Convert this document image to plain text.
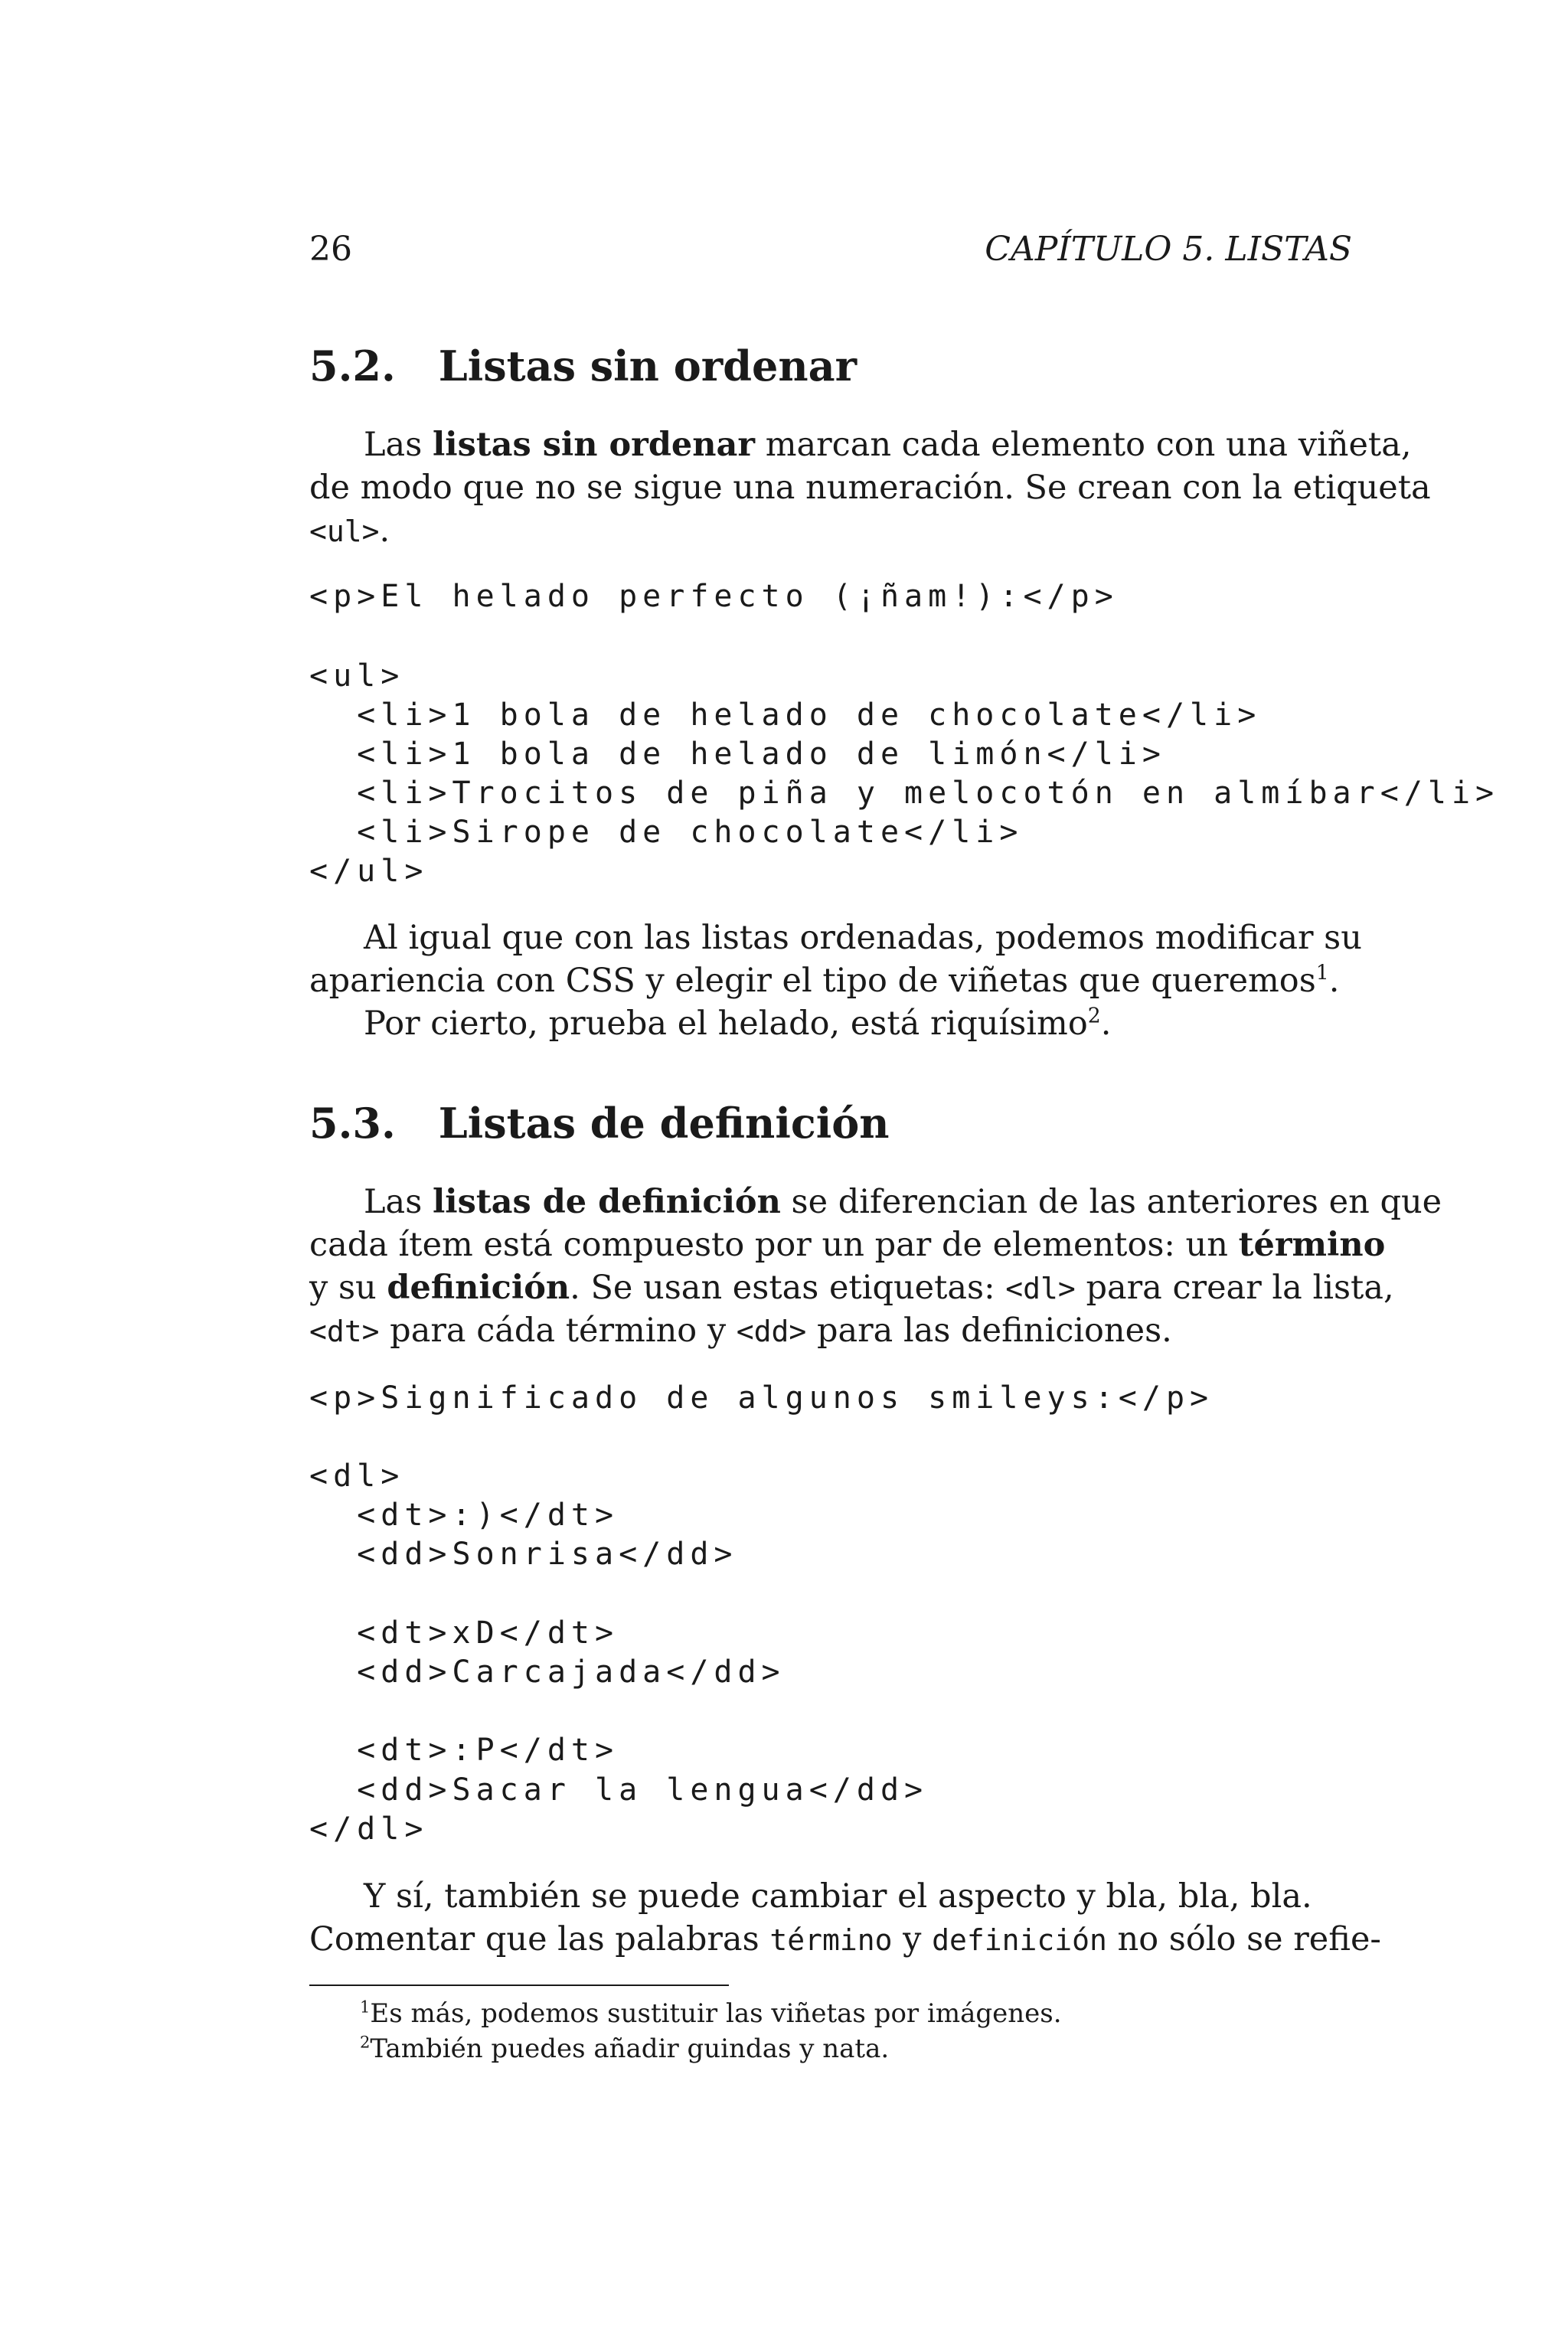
26	CAPÍTULO 5. LISTAS
5.2. Listas sin ordenar
Las listas sin ordenar marcan cada elemento con una viñeta,
de modo que no se sigue una numeración. Se crean con la etiqueta
<ul>.
<p>El helado perfecto (¡ñam!):</p>
<ul>
<li>1 bola de helado de chocolate</li>
<li>1 bola de helado de limón</li>
<li>Trocitos de piña y melocotón en almíbar</li>
<li>Sirope de chocolate</li>
</ul>
Al igual que con las listas ordenadas, podemos modificar su
apariencia con CSS y elegir el tipo de viñetas que queremos$^1$.
Por cierto, prueba el helado, está riquísimo$^2$.
5.3. Listas de definición
Las listas de definición se diferencian de las anteriores en que
cada ítem está compuesto por un par de elementos: un término
y su definición. Se usan estas etiquetas: <dl> para crear la lista,
<dt> para cáda término y <dd> para las definiciones.
<p>Significado de algunos smileys:</p>
<dl>
<dt>:)</dt>
<dd>Sonrisa</dd>
<dt>xD</dt>
<dd>Carcajada</dd>
<dt>:P</dt>
<dd>Sacar la lengua</dd>
</dl>
Y sí, también se puede cambiar el aspecto y bla, bla, bla.
Comentar que las palabras término y definición no sólo se refie-
$^1$Es más, podemos sustituir las viñetas por imágenes.
$^2$También puedes añadir guindas y nata.
